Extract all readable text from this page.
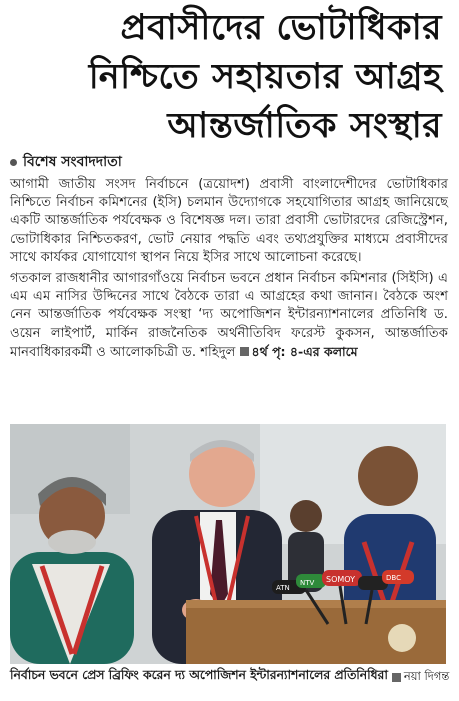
প্রবাসীদের ভোটাধিকার
নিশ্চিতে সহায়তার আগ্রহ
আন্তর্জাতিক সংস্থার
বিশেষ সংবাদদাতা

আগামী জাতীয় সংসদ নির্বাচনে (ত্রয়োদশ) প্রবাসী বাংলাদেশীদের ভোটাধিকার নিশ্চিতে নির্বাচন কমিশনের (ইসি) চলমান উদ্যোগকে সহযোগিতার আগ্রহ জানিয়েছে একটি আন্তর্জাতিক পর্যবেক্ষক ও বিশেষজ্ঞ দল। তারা প্রবাসী ভোটারদের রেজিস্ট্রেশন, ভোটাধিকার নিশ্চিতকরণ, ভোট নেয়ার পদ্ধতি এবং তথ্যপ্রযুক্তির মাধ্যমে প্রবাসীদের সাথে কার্যকর যোগাযোগ স্থাপন নিয়ে ইসির সাথে আলোচনা করেছে।

গতকাল রাজধানীর আগারগাঁওয়ে নির্বাচন ভবনে প্রধান নির্বাচন কমিশনার (সিইসি) এ এম এম নাসির উদ্দিনের সাথে বৈঠকে তারা এ আগ্রহের কথা জানান। বৈঠকে অংশ নেন আন্তর্জাতিক পর্যবেক্ষক সংস্থা ‘দ্য অপোজিশন ইন্টারন্যাশনালের প্রতিনিধি ড. ওয়েন লাইপার্ট, মার্কিন রাজনৈতিক অর্থনীতিবিদ ফরেস্ট কুকসন, আন্তর্জাতিক মানবাধিকারকর্মী ও আলোকচিত্রী ড. শহিদুল ৪র্থ পৃ: ৪-এর কলামে

SOMOY
NTV
ATN
DBC
নির্বাচন ভবনে প্রেস ব্রিফিং করেন দ্য অপোজিশন ইন্টারন্যাশনালের প্রতিনিধিরা নয়া দিগন্ত
